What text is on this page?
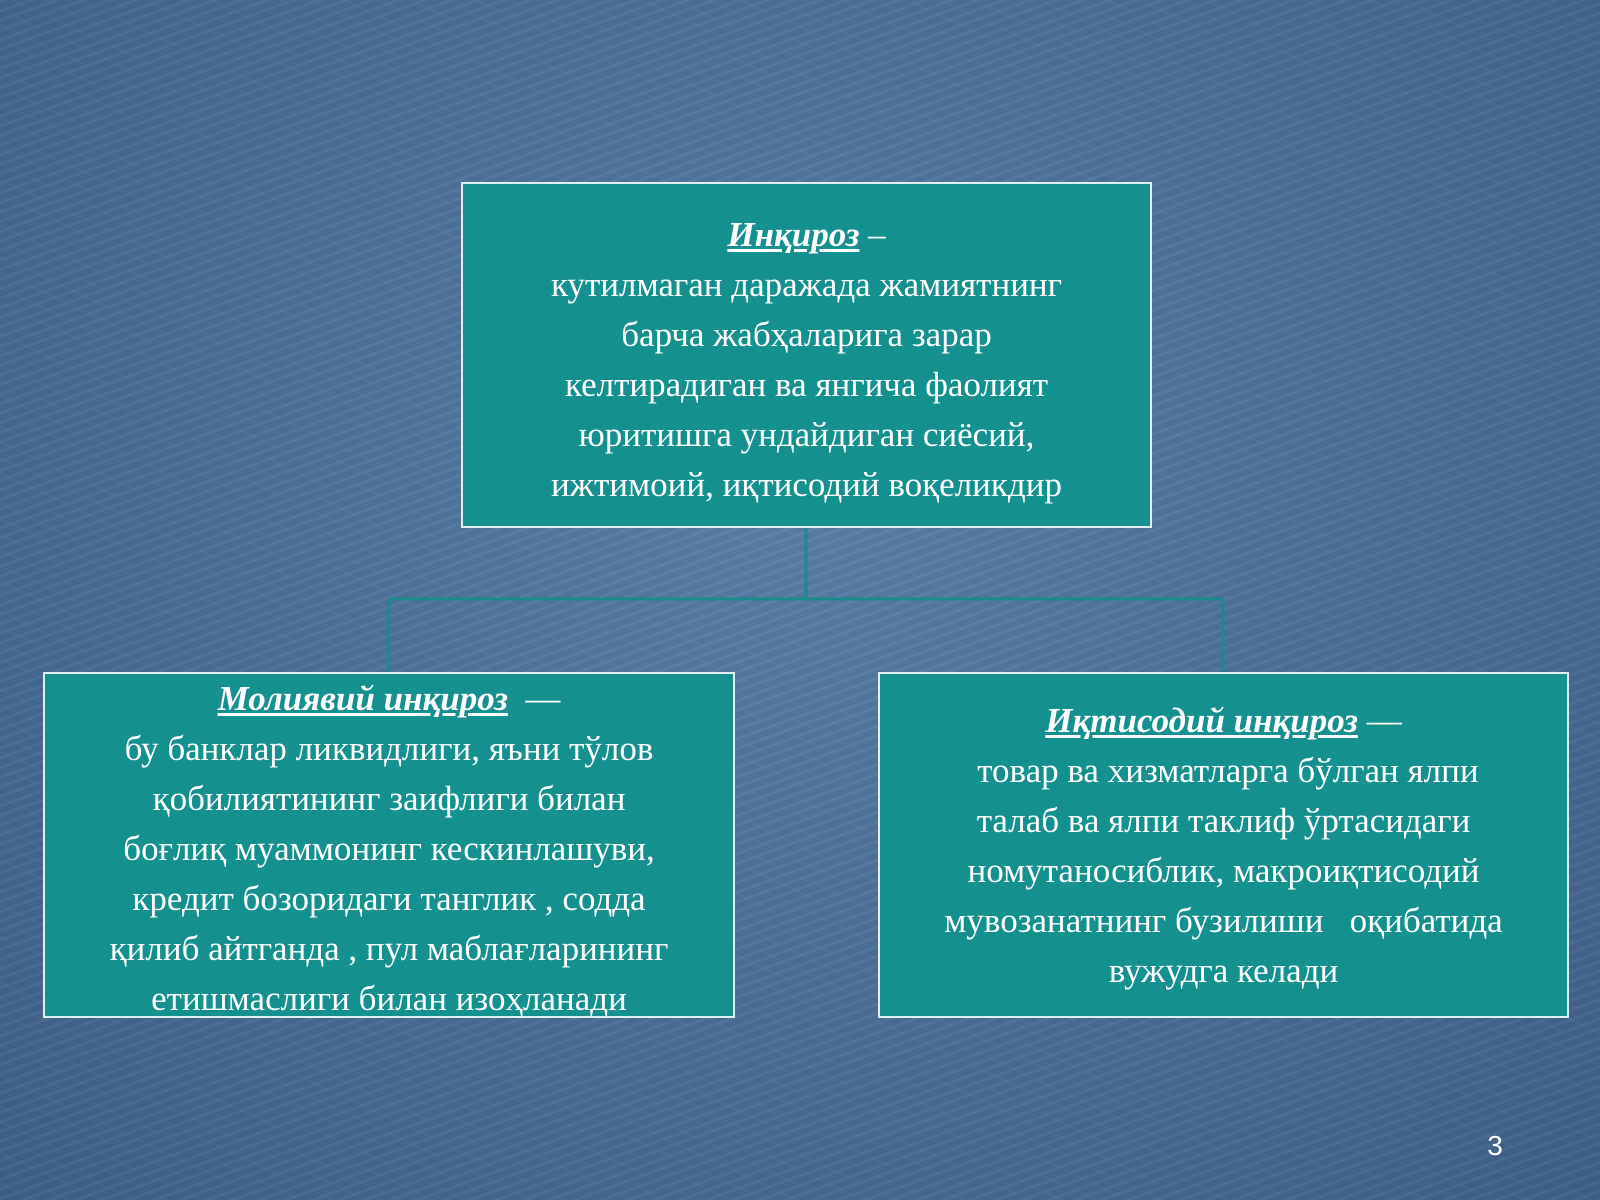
Инқироз –

кутилмаган даражада жамиятнинг

барча жабҳаларига зарар

келтирадиган ва янгича фаолият

юритишга ундайдиган сиёсий,

ижтимоий, иқтисодий воқеликдир

Молиявий инқироз  —

бу банклар ликвидлиги, яъни тўлов

қобилиятининг заифлиги билан

боғлиқ муаммонинг кескинлашуви,

кредит бозоридаги танглик , содда

қилиб айтганда , пул маблағларининг

етишмаслиги билан изоҳланади

Иқтисодий инқироз —

товар ва хизматларга бўлган ялпи

талаб ва ялпи таклиф ўртасидаги

номутаносиблик, макроиқтисодий

мувозанатнинг бузилиши   оқибатида

вужудга келади

3
